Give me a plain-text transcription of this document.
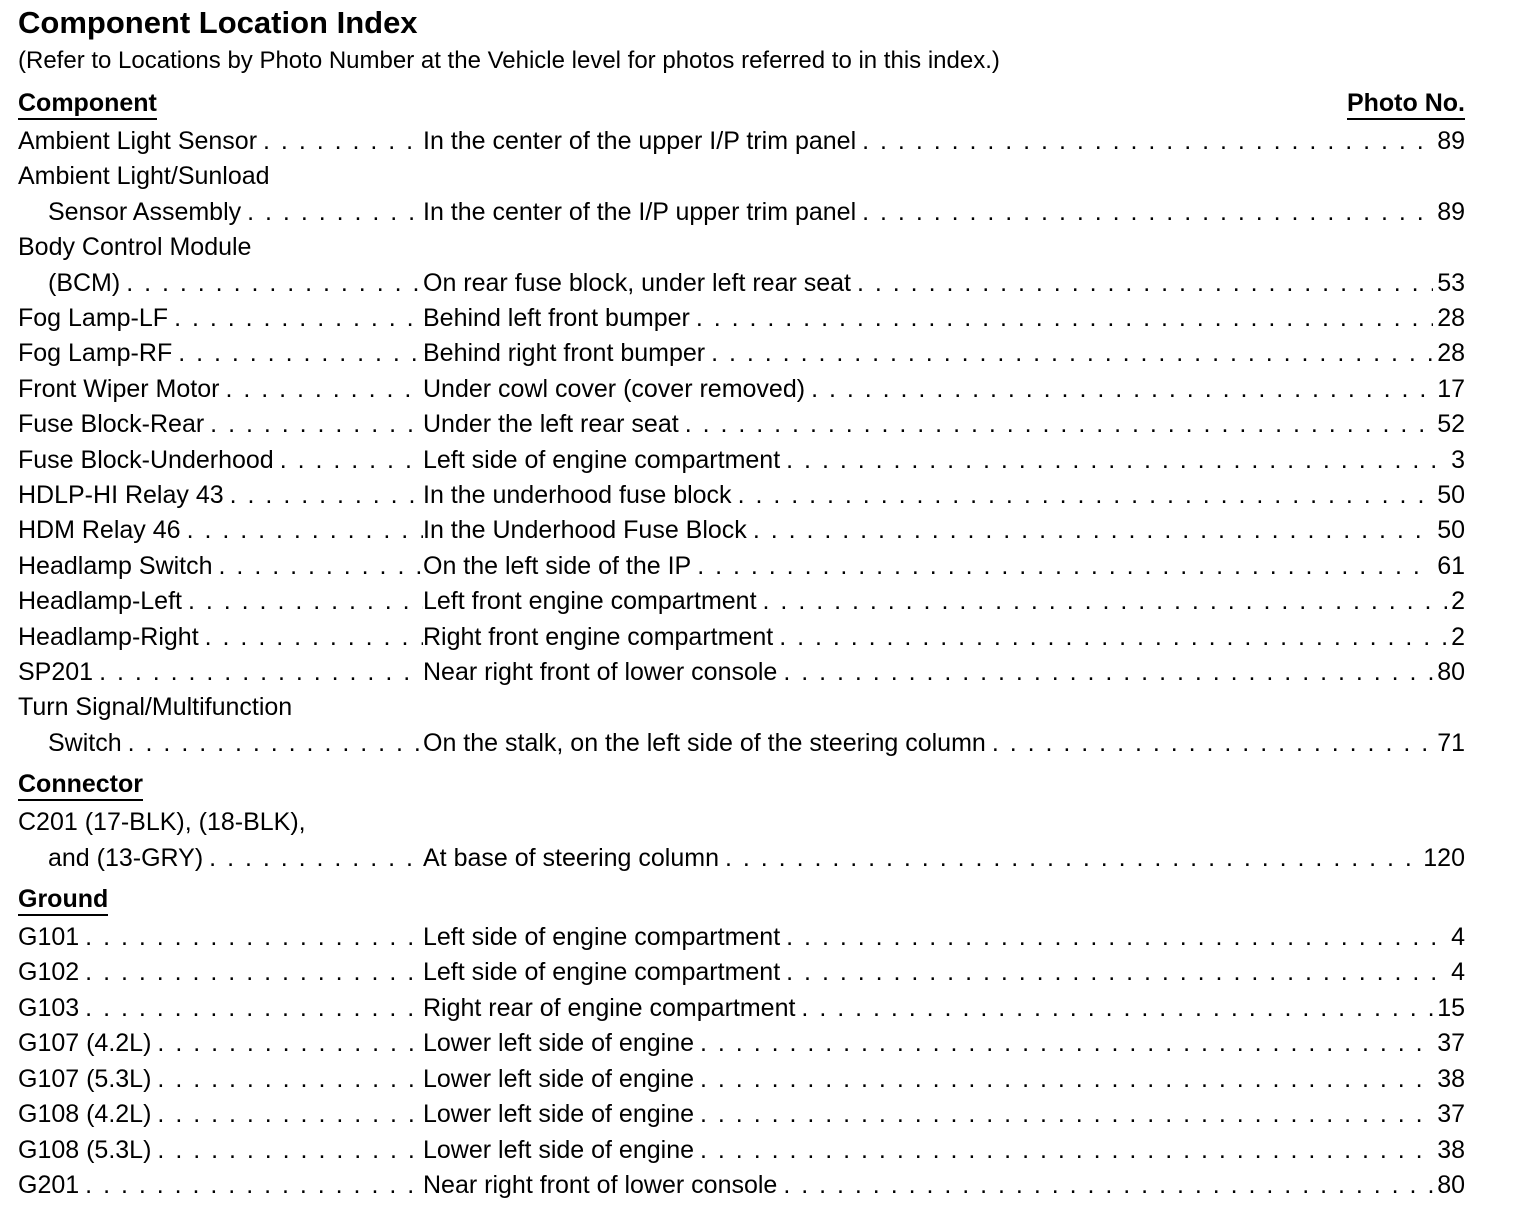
Component Location Index

(Refer to Locations by Photo Number at the Vehicle level for photos referred to in this index.)

Component	Photo No.
Ambient Light Sensor . . .	In the center of the upper I/P trim panel . . .	89
Ambient Light/Sunload
Sensor Assembly . . .	In the center of the I/P upper trim panel . . .	89
Body Control Module
(BCM) . . .	On rear fuse block, under left rear seat . . .	53
Fog Lamp-LF . . .	Behind left front bumper . . .	28
Fog Lamp-RF . . .	Behind right front bumper . . .	28
Front Wiper Motor . . .	Under cowl cover (cover removed) . . .	17
Fuse Block-Rear . . .	Under the left rear seat . . .	52
Fuse Block-Underhood . . .	Left side of engine compartment . . .	3
HDLP-HI Relay 43 . . .	In the underhood fuse block . . .	50
HDM Relay 46 . . .	In the Underhood Fuse Block . . .	50
Headlamp Switch . . .	On the left side of the IP . . .	61
Headlamp-Left . . .	Left front engine compartment . . .	2
Headlamp-Right . . .	Right front engine compartment . . .	2
SP201 . . .	Near right front of lower console . . .	80
Turn Signal/Multifunction
Switch . . .	On the stalk, on the left side of the steering column . . .	71
Connector
C201 (17-BLK), (18-BLK),
and (13-GRY) . . .	At base of steering column . . .	120
Ground
G101 . . .	Left side of engine compartment . . .	4
G102 . . .	Left side of engine compartment . . .	4
G103 . . .	Right rear of engine compartment . . .	15
G107 (4.2L) . . .	Lower left side of engine . . .	37
G107 (5.3L) . . .	Lower left side of engine . . .	38
G108 (4.2L) . . .	Lower left side of engine . . .	37
G108 (5.3L) . . .	Lower left side of engine . . .	38
G201 . . .	Near right front of lower console . . .	80
